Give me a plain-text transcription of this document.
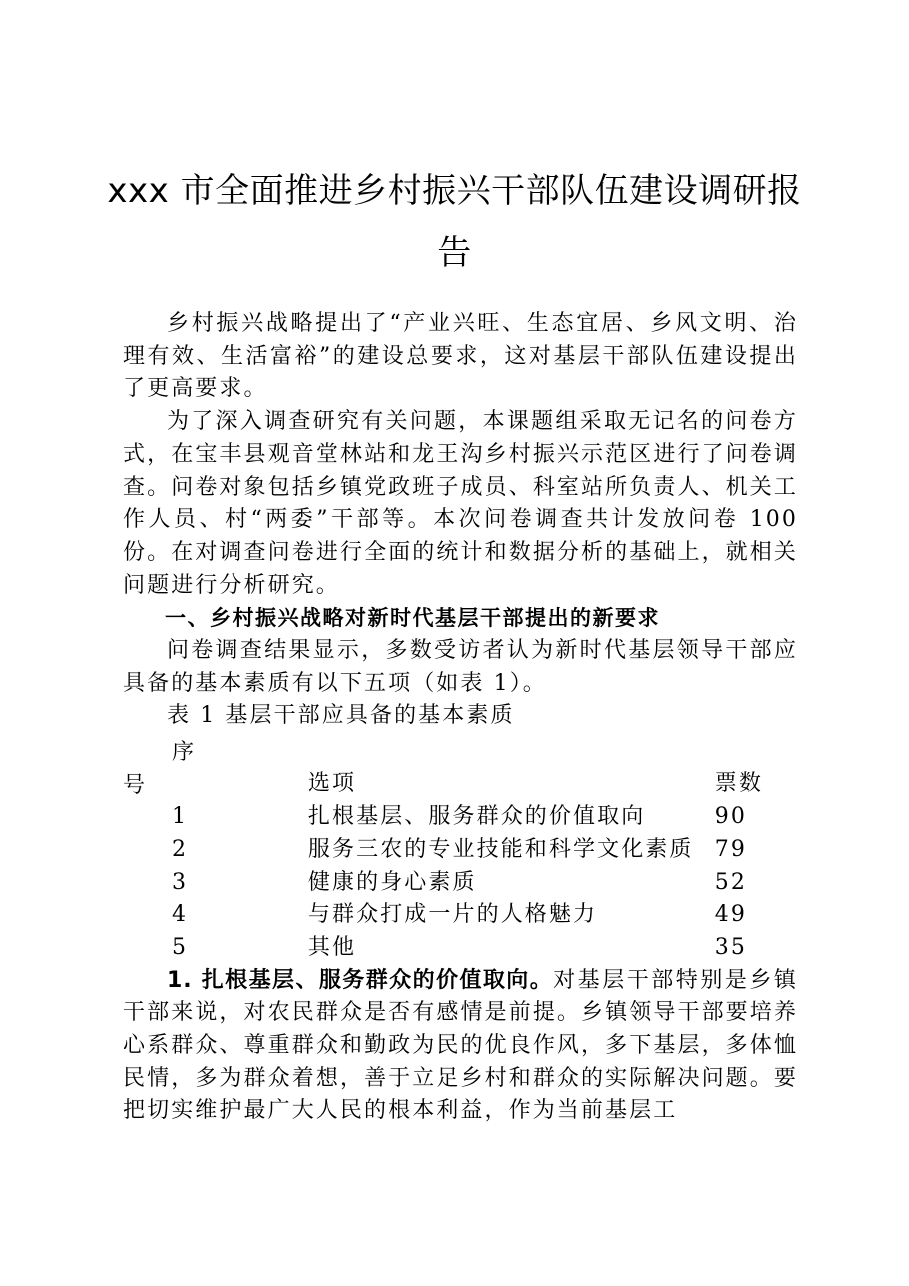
xxx 市全面推进乡村振兴干部队伍建设调研报告

乡村振兴战略提出了“产业兴旺、生态宜居、乡风文明、治理有效、生活富裕”的建设总要求，这对基层干部队伍建设提出了更高要求。

为了深入调查研究有关问题，本课题组采取无记名的问卷方式，在宝丰县观音堂林站和龙王沟乡村振兴示范区进行了问卷调查。问卷对象包括乡镇党政班子成员、科室站所负责人、机关工作人员、村“两委”干部等。本次问卷调查共计发放问卷 100 份。在对调查问卷进行全面的统计和数据分析的基础上，就相关问题进行分析研究。

一、乡村振兴战略对新时代基层干部提出的新要求

问卷调查结果显示，多数受访者认为新时代基层领导干部应具备的基本素质有以下五项（如表 1）。

表 1 基层干部应具备的基本素质

序
号	选项	票数
1	扎根基层、服务群众的价值取向	90
2	服务三农的专业技能和科学文化素质	79
3	健康的身心素质	52
4	与群众打成一片的人格魅力	49
5	其他	35

1. 扎根基层、服务群众的价值取向。对基层干部特别是乡镇干部来说，对农民群众是否有感情是前提。乡镇领导干部要培养心系群众、尊重群众和勤政为民的优良作风，多下基层，多体恤民情，多为群众着想，善于立足乡村和群众的实际解决问题。要把切实维护最广大人民的根本利益，作为当前基层工
